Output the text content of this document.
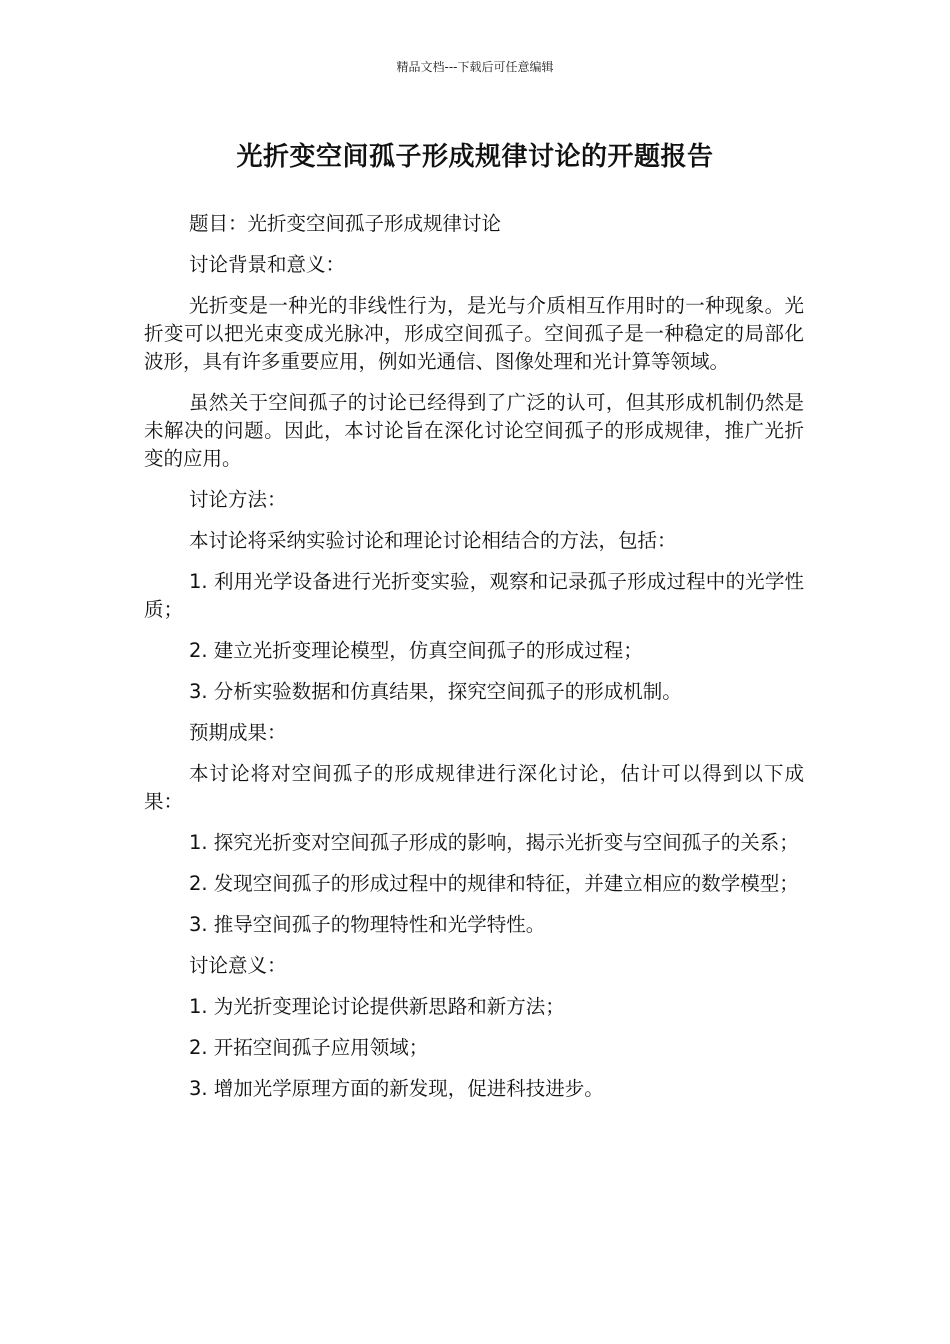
精品文档---下载后可任意编辑
光折变空间孤子形成规律讨论的开题报告

题目：光折变空间孤子形成规律讨论

讨论背景和意义：

光折变是一种光的非线性行为，是光与介质相互作用时的一种现象。光折变可以把光束变成光脉冲，形成空间孤子。空间孤子是一种稳定的局部化波形，具有许多重要应用，例如光通信、图像处理和光计算等领域。

虽然关于空间孤子的讨论已经得到了广泛的认可，但其形成机制仍然是未解决的问题。因此，本讨论旨在深化讨论空间孤子的形成规律，推广光折变的应用。

讨论方法：

本讨论将采纳实验讨论和理论讨论相结合的方法，包括：

1. 利用光学设备进行光折变实验，观察和记录孤子形成过程中的光学性质；

2. 建立光折变理论模型，仿真空间孤子的形成过程；

3. 分析实验数据和仿真结果，探究空间孤子的形成机制。

预期成果：

本讨论将对空间孤子的形成规律进行深化讨论，估计可以得到以下成果：

1. 探究光折变对空间孤子形成的影响，揭示光折变与空间孤子的关系；

2. 发现空间孤子的形成过程中的规律和特征，并建立相应的数学模型；

3. 推导空间孤子的物理特性和光学特性。

讨论意义：

1. 为光折变理论讨论提供新思路和新方法；

2. 开拓空间孤子应用领域；

3. 增加光学原理方面的新发现，促进科技进步。
